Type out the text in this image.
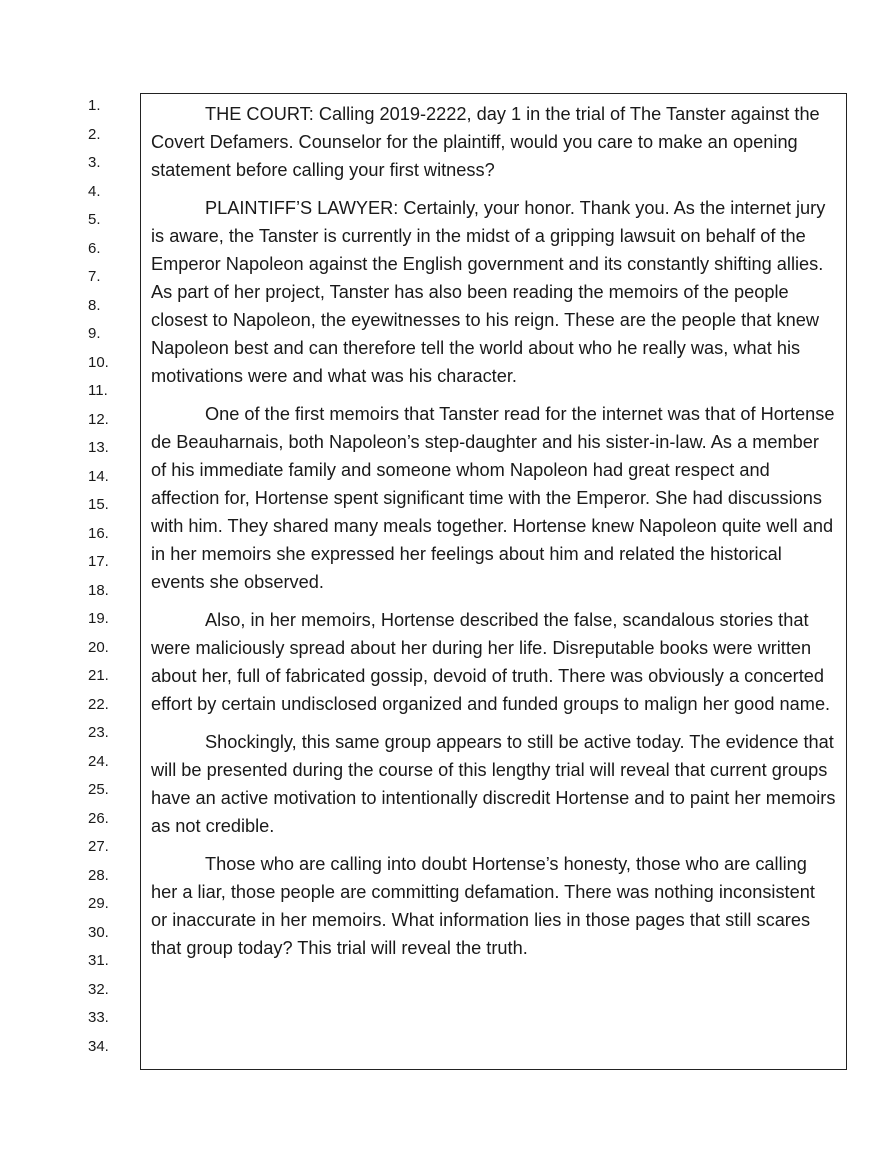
1.
2.
3.
4.
5.
6.
7.
8.
9.
10.
11.
12.
13.
14.
15.
16.
17.
18.
19.
20.
21.
22.
23.
24.
25.
26.
27.
28.
29.
30.
31.
32.
33.
34.

THE COURT: Calling 2019-2222, day 1 in the trial of The Tanster against the Covert Defamers. Counselor for the plaintiff, would you care to make an opening statement before calling your first witness?

PLAINTIFF’S LAWYER: Certainly, your honor. Thank you. As the internet jury is aware, the Tanster is currently in the midst of a gripping lawsuit on behalf of the Emperor Napoleon against the English government and its constantly shifting allies. As part of her project, Tanster has also been reading the memoirs of the people closest to Napoleon, the eyewitnesses to his reign. These are the people that knew Napoleon best and can therefore tell the world about who he really was, what his motivations were and what was his character.

One of the first memoirs that Tanster read for the internet was that of Hortense de Beauharnais, both Napoleon’s step-daughter and his sister-in-law. As a member of his immediate family and someone whom Napoleon had great respect and affection for, Hortense spent significant time with the Emperor. She had discussions with him. They shared many meals together. Hortense knew Napoleon quite well and in her memoirs she expressed her feelings about him and related the historical events she observed.

Also, in her memoirs, Hortense described the false, scandalous stories that were maliciously spread about her during her life. Disreputable books were written about her, full of fabricated gossip, devoid of truth. There was obviously a concerted effort by certain undisclosed organized and funded groups to malign her good name.

Shockingly, this same group appears to still be active today. The evidence that will be presented during the course of this lengthy trial will reveal that current groups have an active motivation to intentionally discredit Hortense and to paint her memoirs as not credible.

Those who are calling into doubt Hortense’s honesty, those who are calling her a liar, those people are committing defamation. There was nothing inconsistent or inaccurate in her memoirs. What information lies in those pages that still scares that group today? This trial will reveal the truth.
